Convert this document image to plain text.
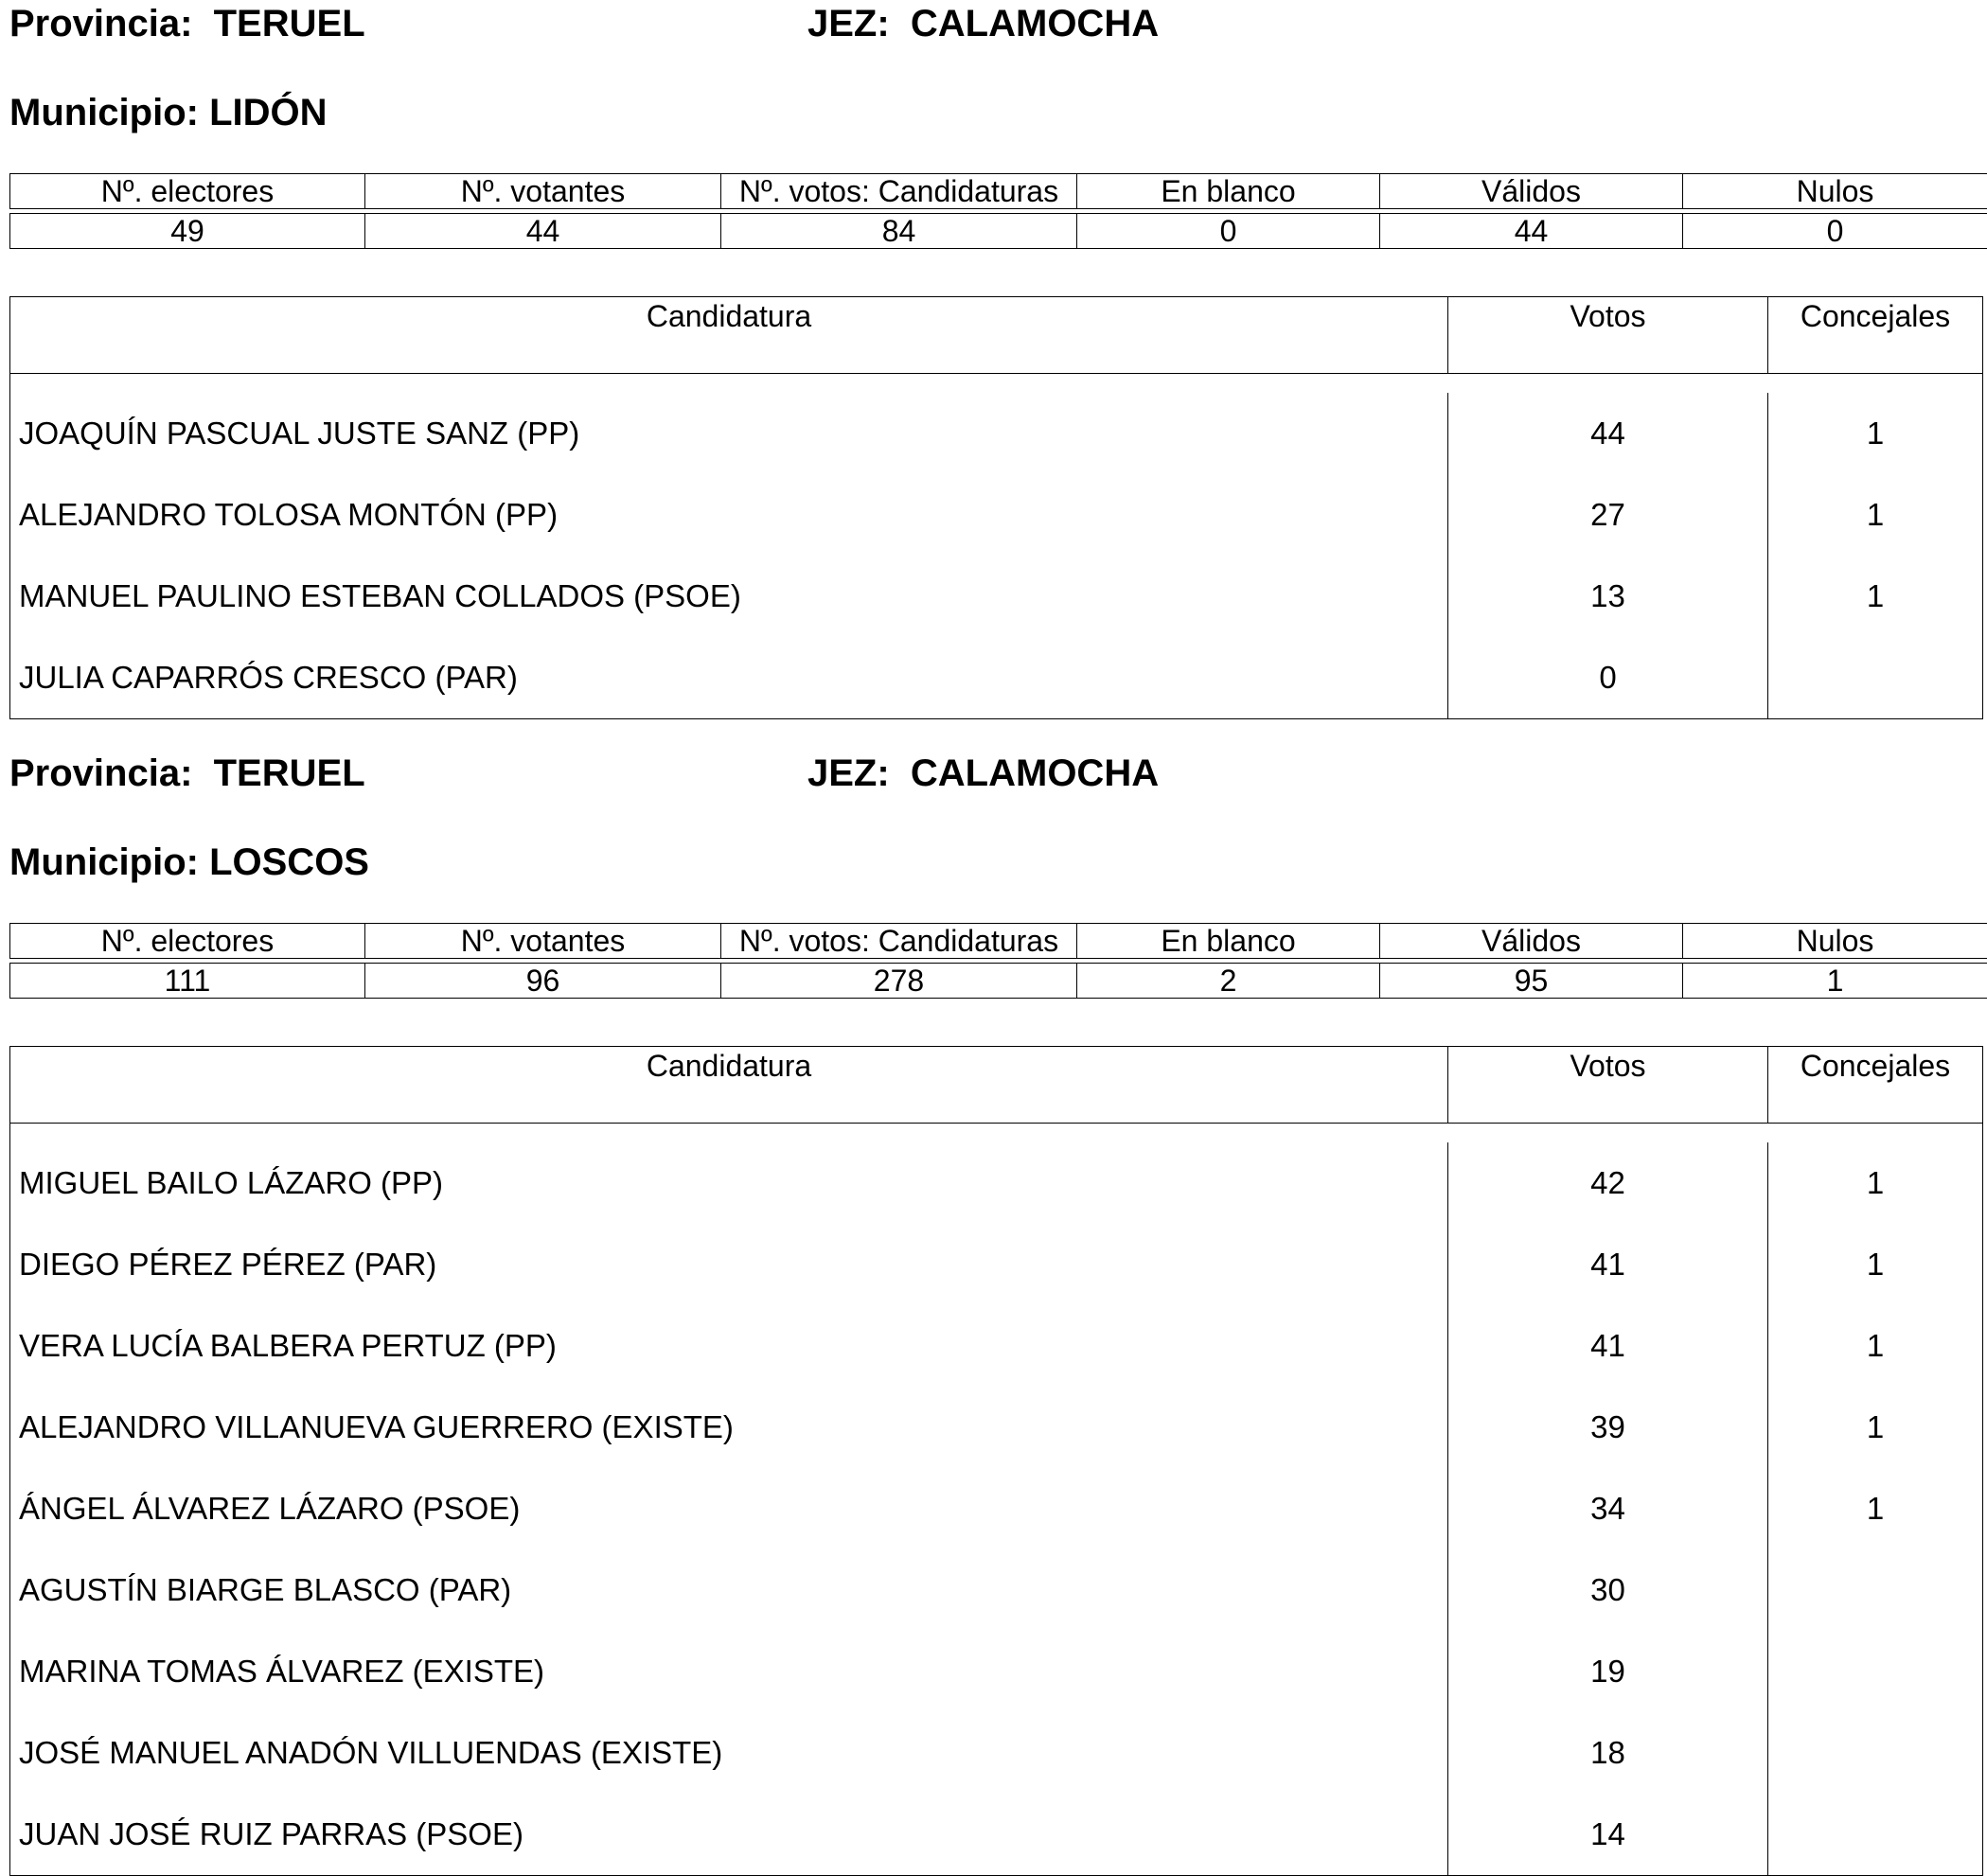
Provincia:  TERUEL	JEZ:  CALAMOCHA
Municipio: LIDÓN
Nº. electores	Nº. votantes	Nº. votos: Candidaturas	En blanco	Válidos	Nulos

49	44	84	0	44	0
Candidatura	Votos	Concejales
JOAQUÍN PASCUAL JUSTE SANZ (PP)	44	1
ALEJANDRO TOLOSA MONTÓN (PP)	27	1
MANUEL PAULINO ESTEBAN COLLADOS (PSOE)	13	1
JULIA CAPARRÓS CRESCO (PAR)	0
Provincia:  TERUEL	JEZ:  CALAMOCHA
Municipio: LOSCOS
Nº. electores	Nº. votantes	Nº. votos: Candidaturas	En blanco	Válidos	Nulos

111	96	278	2	95	1
Candidatura	Votos	Concejales
MIGUEL BAILO LÁZARO (PP)	42	1
DIEGO PÉREZ PÉREZ (PAR)	41	1
VERA LUCÍA BALBERA PERTUZ (PP)	41	1
ALEJANDRO VILLANUEVA GUERRERO (EXISTE)	39	1
ÁNGEL ÁLVAREZ LÁZARO (PSOE)	34	1
AGUSTÍN BIARGE BLASCO (PAR)	30
MARINA TOMAS ÁLVAREZ (EXISTE)	19
JOSÉ MANUEL ANADÓN VILLUENDAS (EXISTE)	18
JUAN JOSÉ RUIZ PARRAS (PSOE)	14
